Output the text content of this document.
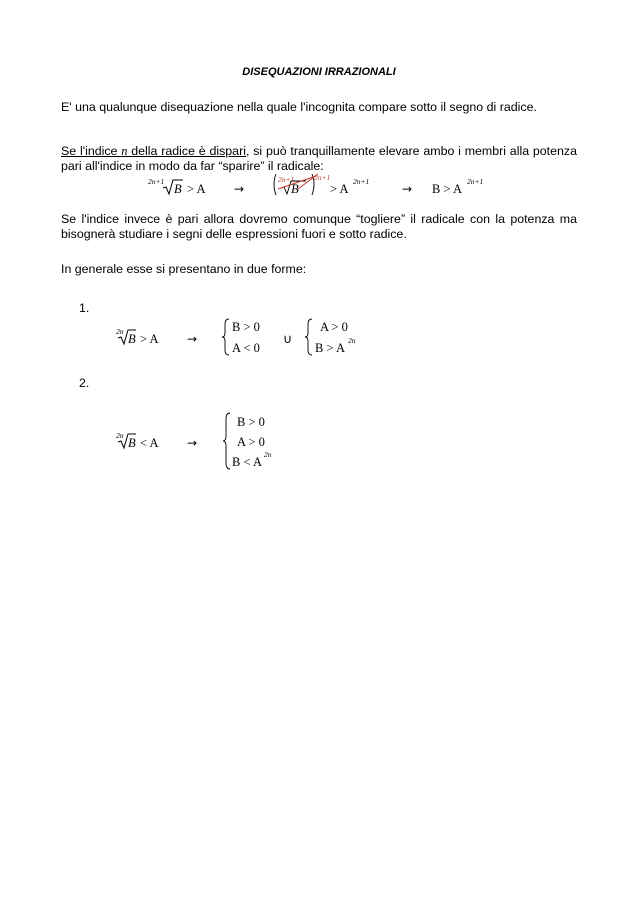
DISEQUAZIONI IRRAZIONALI
E' una qualunque disequazione nella quale l'incognita compare sotto il segno di radice.
Se l'indice n della radice è dispari, si può tranquillamente elevare ambo i membri alla potenza pari all'indice in modo da far “sparire” il radicale:
2n+1
B > A →
2n+1
B
2n+1
> A
2n+1
→ B > A
2n+1
Se l'indice invece è pari allora dovremo comunque “togliere” il radicale con la potenza ma bisognerà studiare i segni delle espressioni fuori e sotto radice.
In generale esse si presentano in due forme:
1.
2n
B > A →
B > 0
A < 0
∪
A > 0
B > A
2n
2.
2n
B < A →
B > 0
A > 0
B < A
2n
